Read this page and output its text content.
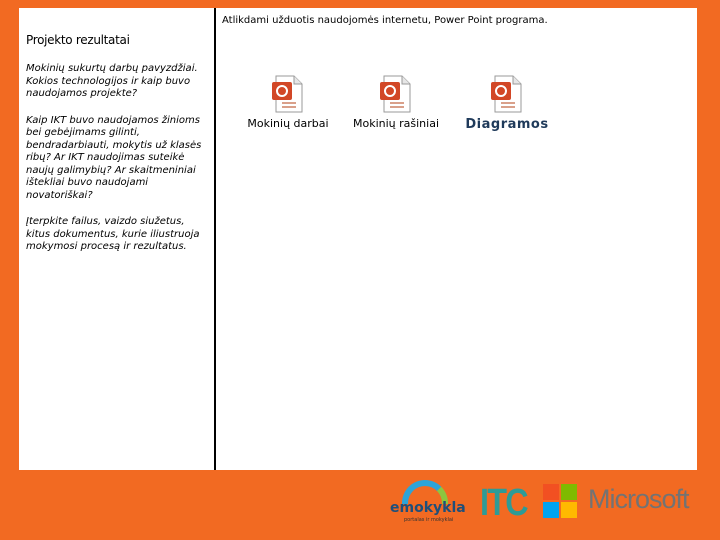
Projekto rezultatai
Mokinių sukurtų darbų pavyzdžiai. Kokios technologijos ir kaip buvo naudojamos projekte?
Kaip IKT buvo naudojamos žinioms bei gebėjimams gilinti, bendradarbiauti, mokytis už klasės ribų? Ar IKT naudojimas suteikė naujų galimybių? Ar skaitmeniniai ištekliai buvo naudojami novatoriškai?
Įterpkite failus, vaizdo siužetus, kitus dokumentus, kurie iliustruoja mokymosi procesą ir rezultatus.
Atlikdami užduotis naudojomės internetu, Power Point programa.
Mokinių darbai	Mokinių rašiniai	Diagramos
emokykla
portalas ir mokyklai ITC Microsoft
